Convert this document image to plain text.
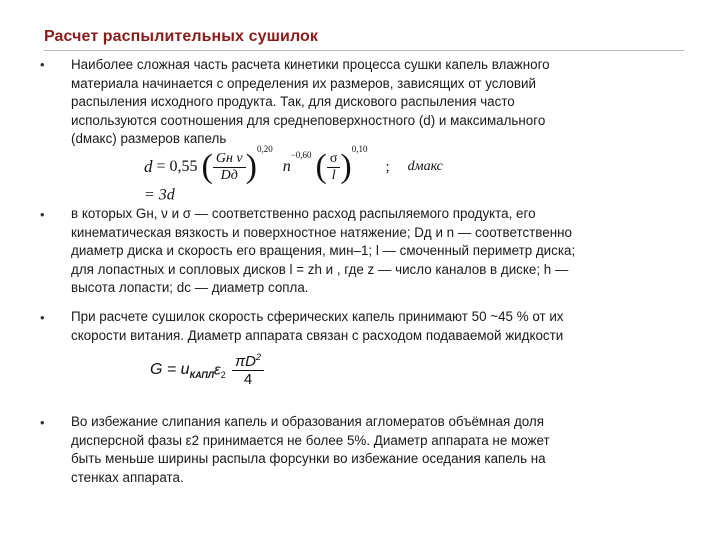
Расчет распылительных сушилок
• Наиболее сложная часть расчета кинетики процесса сушки капель влажного
материала начинается с определения их размеров, зависящих от условий
распыления исходного продукта. Так, для дискового распыления часто
используются соотношения для среднеповерхностного (d) и максимального
(dмакс) размеров капель
d = 0,55 ( $\frac{\text{Gн ν}}{Dд} )^{0,20}$ $n^{-0,60}$ ( $\frac{\sigma}{l} )^{0,10}$ ; dмакс = 3d
• в которых Gн, ν и σ — соответственно расход распыляемого продукта, его
кинематическая вязкость и поверхностное натяжение; Dд и n — соответственно
диаметр диска и скорость его вращения, мин–1; l — смоченный периметр диска;
для лопастных и сопловых дисков l = zh и , где z — число каналов в диске; h —
высота лопасти; dc — диаметр сопла.
• При расчете сушилок скорость сферических капель принимают 50 ~45 % от их
скорости витания. Диаметр аппарата связан с расходом подаваемой жидкости
$G = u_{КАПЛ}\varepsilon_2 \frac{\pi D^2}{4}$
• Во избежание слипания капель и образования агломератов объёмная доля
дисперсной фазы ε2 принимается не более 5%. Диаметр аппарата не может
быть меньше ширины распыла форсунки во избежание оседания капель на
стенках аппарата.
